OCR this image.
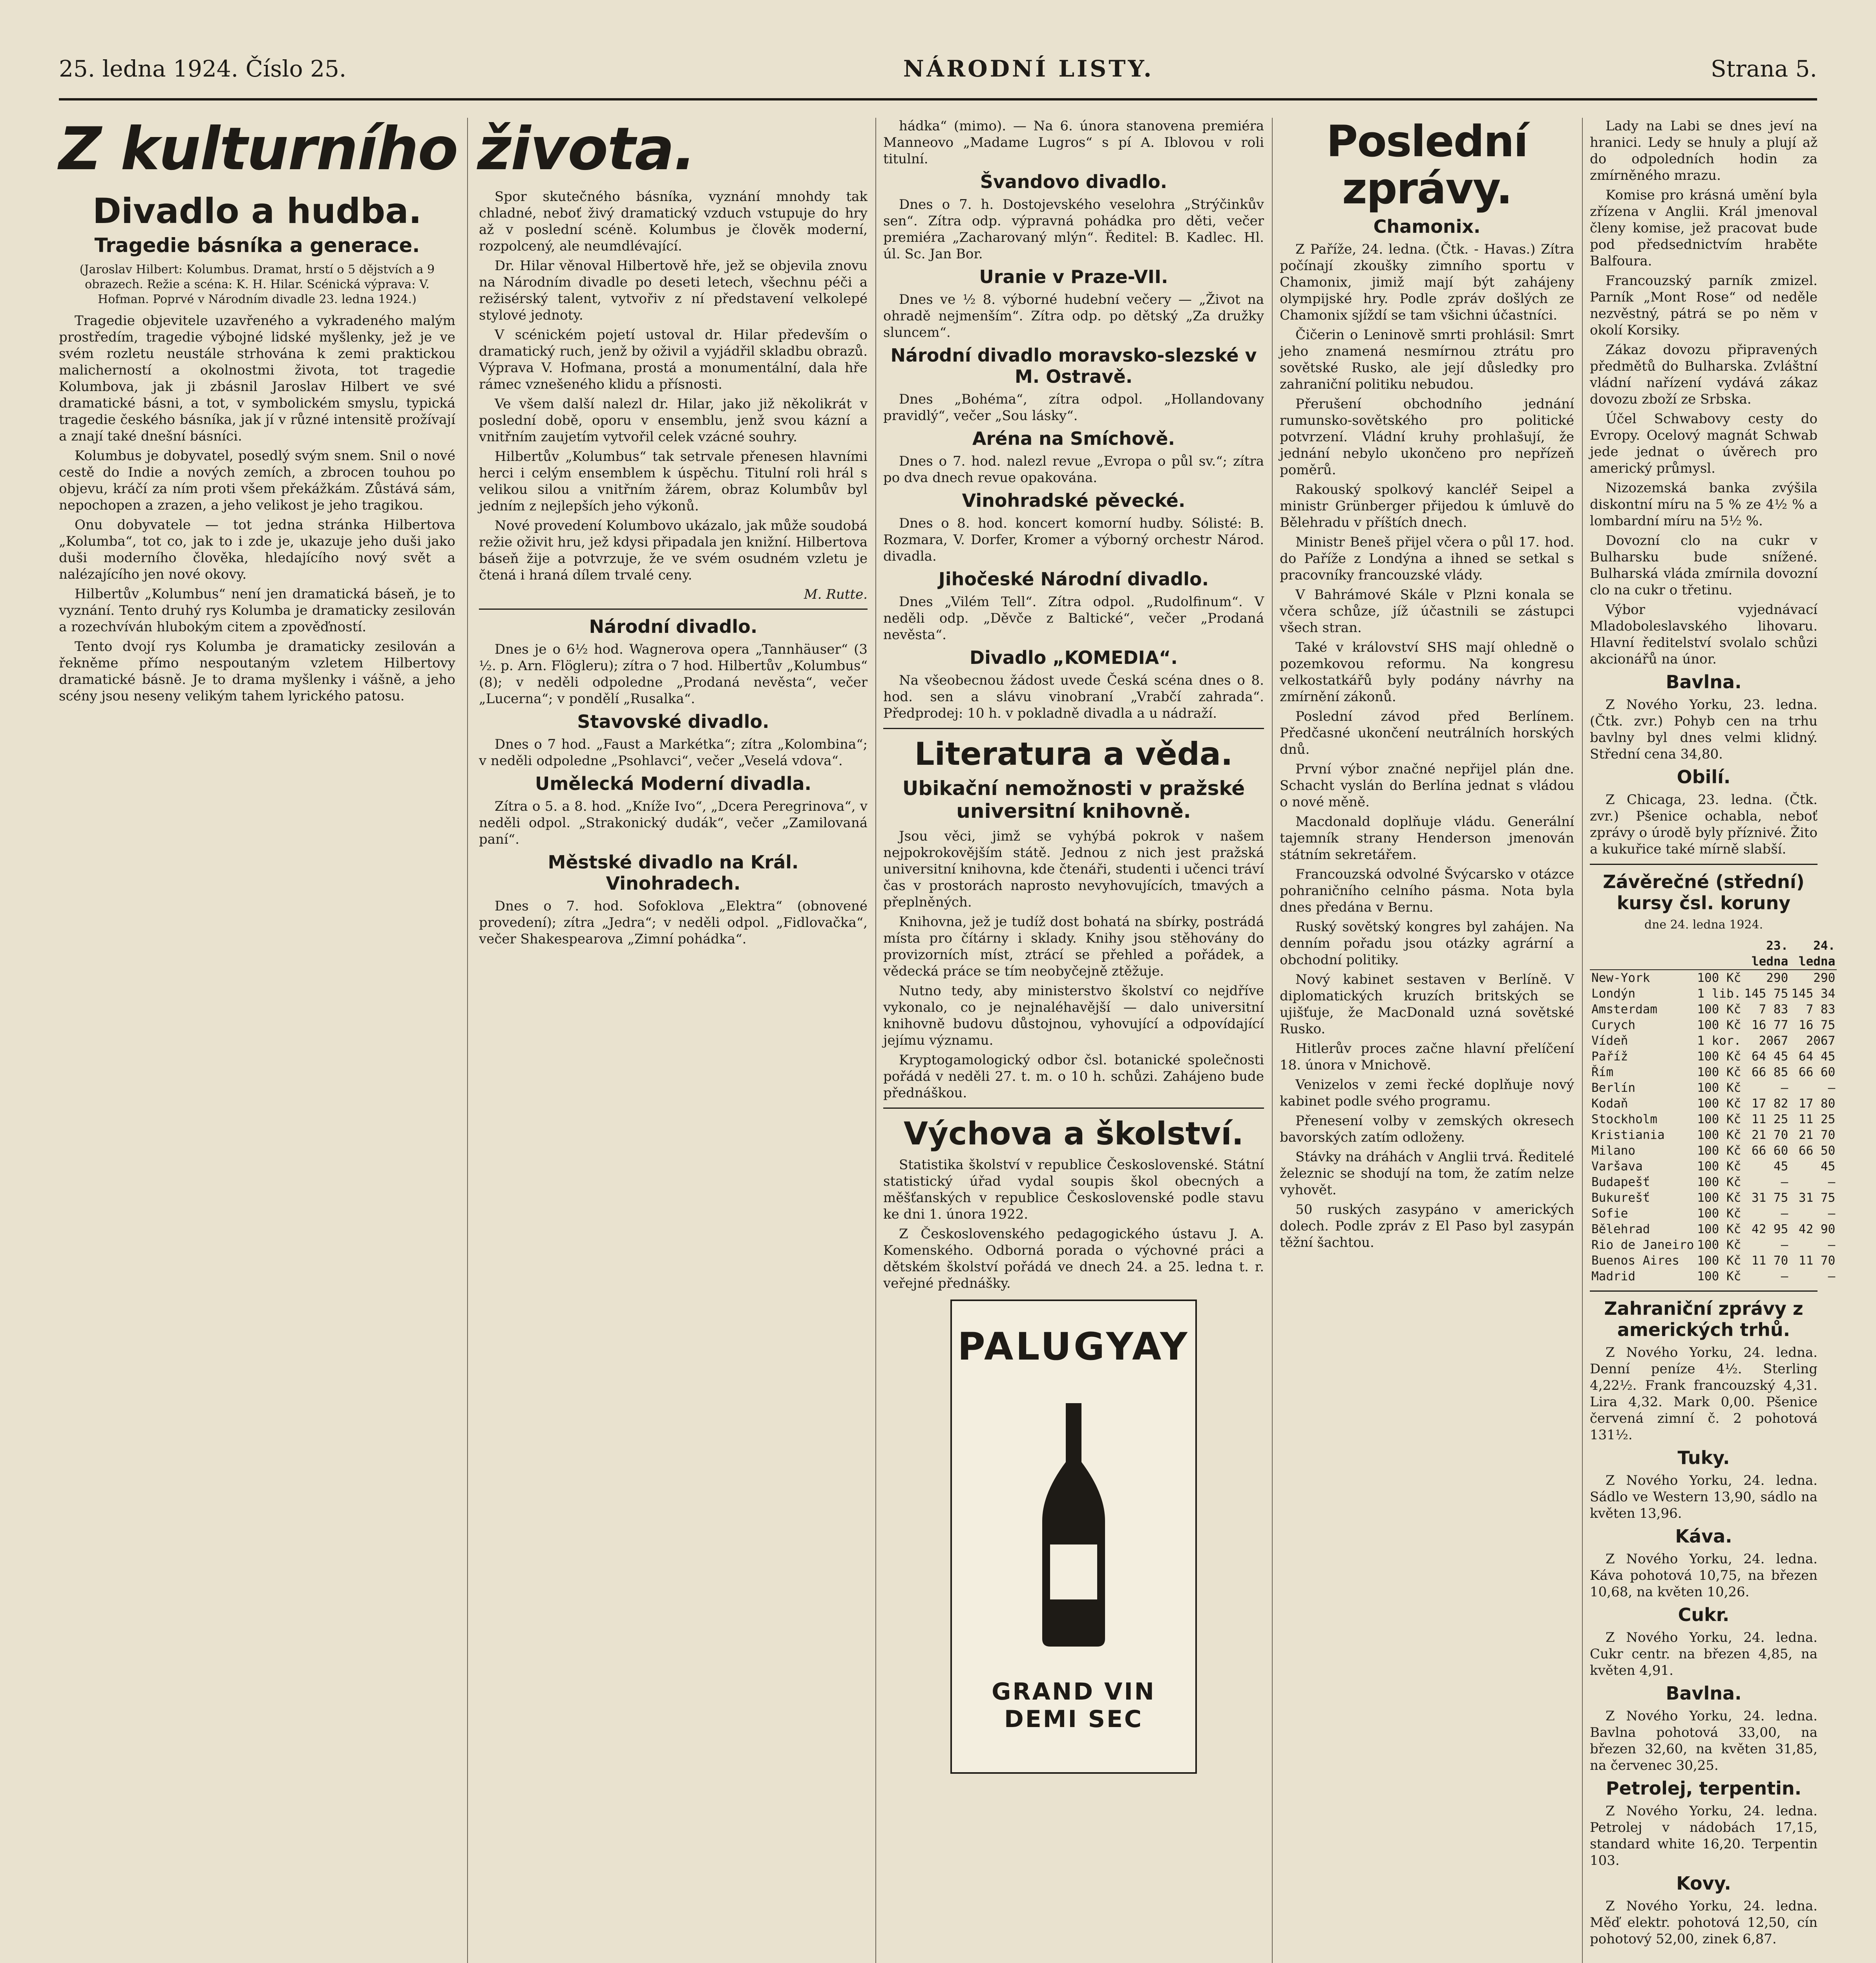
25. ledna 1924. Číslo 25.	NÁRODNÍ LISTY.	Strana 5.
Z kulturního života.
Divadlo a hudba.
Tragedie básníka a generace.
(Jaroslav Hilbert: Kolumbus. Dramat, hrstí o 5 dějstvích a 9 obrazech. Režie a scéna: K. H. Hilar. Scénická výprava: V. Hofman. Poprvé v Národním divadle 23. ledna 1924.)

Tragedie objevitele uzavřeného a vykradeného malým prostředím, tragedie výbojné lidské myšlenky, jež je ve svém rozletu neustále strhována k zemi praktickou malicherností a okolnostmi života, tot tragedie Kolumbova, jak ji zbásnil Jaroslav Hilbert ve své dramatické básni, a tot, v symbolickém smyslu, typická tragedie českého básníka, jak jí v různé intensitě prožívají a znají také dnešní básníci.

Kolumbus je dobyvatel, posedlý svým snem. Snil o nové cestě do Indie a nových zemích, a zbrocen touhou po objevu, kráčí za ním proti všem překážkám. Zůstává sám, nepochopen a zrazen, a jeho velikost je jeho tragikou.

Onu dobyvatele — tot jedna stránka Hilbertova „Kolumba“, tot co, jak to i zde je, ukazuje jeho duši jako duši moderního člověka, hledajícího nový svět a nalézajícího jen nové okovy.

Hilbertův „Kolumbus“ není jen dramatická báseň, je to vyznání. Tento druhý rys Kolumba je dramaticky zesilován a rozechvíván hlubokým citem a zpověďností.

Tento dvojí rys Kolumba je dramaticky zesilován a řekněme přímo nespoutaným vzletem Hilbertovy dramatické básně. Je to drama myšlenky i vášně, a jeho scény jsou neseny velikým tahem lyrického patosu.

Spor skutečného básníka, vyznání mnohdy tak chladné, neboť živý dramatický vzduch vstupuje do hry až v poslední scéně. Kolumbus je člověk moderní, rozpolcený, ale neumdlévající.

Dr. Hilar věnoval Hilbertově hře, jež se objevila znovu na Národním divadle po deseti letech, všechnu péči a režisérský talent, vytvořiv z ní představení velkolepé stylové jednoty.

V scénickém pojetí ustoval dr. Hilar především o dramatický ruch, jenž by oživil a vyjádřil skladbu obrazů. Výprava V. Hofmana, prostá a monumentální, dala hře rámec vznešeného klidu a přísnosti.

Ve všem další nalezl dr. Hilar, jako již několikrát v poslední době, oporu v ensemblu, jenž svou kázní a vnitřním zaujetím vytvořil celek vzácné souhry.

Hilbertův „Kolumbus“ tak setrvale přenesen hlavními herci i celým ensemblem k úspěchu. Titulní roli hrál s velikou silou a vnitřním žárem, obraz Kolumbův byl jedním z nejlepších jeho výkonů.

Nové provedení Kolumbovo ukázalo, jak může soudobá režie oživit hru, jež kdysi připadala jen knižní. Hilbertova báseň žije a potvrzuje, že ve svém osudném vzletu je čtená i hraná dílem trvalé ceny.

M. Rutte.
Národní divadlo.

Dnes je o 6½ hod. Wagnerova opera „Tannhäuser“ (3 ½. p. Arn. Flögleru); zítra o 7 hod. Hilbertův „Kolumbus“ (8); v neděli odpoledne „Prodaná nevěsta“, večer „Lucerna“; v pondělí „Rusalka“.

Stavovské divadlo.

Dnes o 7 hod. „Faust a Markétka“; zítra „Kolombina“; v neděli odpoledne „Psohlavci“, večer „Veselá vdova“.

Umělecká Moderní divadla.

Zítra o 5. a 8. hod. „Kníže Ivo“, „Dcera Peregrinova“, v neděli odpol. „Strakonický dudák“, večer „Zamilovaná paní“.

Městské divadlo na Král. Vinohradech.

Dnes o 7. hod. Sofoklova „Elektra“ (obnovené provedení); zítra „Jedra“; v neděli odpol. „Fidlovačka“, večer Shakespearova „Zimní pohádka“.

hádka“ (mimo). — Na 6. února stanovena premiéra Manneovo „Madame Lugros“ s pí A. Iblovou v roli titulní.

Švandovo divadlo.

Dnes o 7. h. Dostojevského veselohra „Strýčinkův sen“. Zítra odp. výpravná pohádka pro děti, večer premiéra „Zacharovaný mlýn“. Ředitel: B. Kadlec. Hl. úl. Sc. Jan Bor.

Uranie v Praze-VII.

Dnes ve ½ 8. výborné hudební večery — „Život na ohradě nejmenším“. Zítra odp. po dětský „Za družky sluncem“.

Národní divadlo moravsko-slezské v M. Ostravě.

Dnes „Bohéma“, zítra odpol. „Hollandovany pravidlý“, večer „Sou lásky“.

Aréna na Smíchově.

Dnes o 7. hod. nalezl revue „Evropa o půl sv.“; zítra po dva dnech revue opakována.

Vinohradské pěvecké.

Dnes o 8. hod. koncert komorní hudby. Sólisté: B. Rozmara, V. Dorfer, Kromer a výborný orchestr Národ. divadla.

Jihočeské Národní divadlo.

Dnes „Vilém Tell“. Zítra odpol. „Rudolfinum“. V neděli odp. „Děvče z Baltické“, večer „Prodaná nevěsta“.

Divadlo „KOMEDIA“.

Na všeobecnou žádost uvede Česká scéna dnes o 8. hod. sen a slávu vinobraní „Vrabčí zahrada“. Předprodej: 10 h. v pokladně divadla a u nádraží.

Literatura a věda.
Ubikační nemožnosti v pražské universitní knihovně.

Jsou věci, jimž se vyhýbá pokrok v našem nejpokrokovějším státě. Jednou z nich jest pražská universitní knihovna, kde čtenáři, studenti i učenci tráví čas v prostorách naprosto nevyhovujících, tmavých a přeplněných.

Knihovna, jež je tudíž dost bohatá na sbírky, postrádá místa pro čítárny i sklady. Knihy jsou stěhovány do provizorních míst, ztrácí se přehled a pořádek, a vědecká práce se tím neobyčejně ztěžuje.

Nutno tedy, aby ministerstvo školství co nejdříve vykonalo, co je nejnaléhavější — dalo universitní knihovně budovu důstojnou, vyhovující a odpovídající jejímu významu.

Kryptogamologický odbor čsl. botanické společnosti pořádá v neděli 27. t. m. o 10 h. schůzi. Zahájeno bude přednáškou.

Výchova a školství.

Statistika školství v republice Československé. Státní statistický úřad vydal soupis škol obecných a měšťanských v republice Československé podle stavu ke dni 1. února 1922.

Z Československého pedagogického ústavu J. A. Komenského. Odborná porada o výchovné práci a dětském školství pořádá ve dnech 24. a 25. ledna t. r. veřejné přednášky.

PALUGYAY
GRAND VIN DEMI SEC
Poslední zprávy.
Chamonix.

Z Paříže, 24. ledna. (Čtk. - Havas.) Zítra počínají zkoušky zimního sportu v Chamonix, jimiž mají být zahájeny olympijské hry. Podle zpráv došlých ze Chamonix sjíždí se tam všichni účastníci.

Čičerin o Leninově smrti prohlásil: Smrt jeho znamená nesmírnou ztrátu pro sovětské Rusko, ale její důsledky pro zahraniční politiku nebudou.

Přerušení obchodního jednání rumunsko-sovětského pro politické potvrzení. Vládní kruhy prohlašují, že jednání nebylo ukončeno pro nepřízeň poměrů.

Rakouský spolkový kancléř Seipel a ministr Grünberger přijedou k úmluvě do Bělehradu v příštích dnech.

Ministr Beneš přijel včera o půl 17. hod. do Paříže z Londýna a ihned se setkal s pracovníky francouzské vlády.

V Bahrámové Skále v Plzni konala se včera schůze, jíž účastnili se zástupci všech stran.

Také v království SHS mají ohledně o pozemkovou reformu. Na kongresu velkostatkářů byly podány návrhy na zmírnění zákonů.

Poslední závod před Berlínem. Předčasné ukončení neutrálních horských dnů.

První výbor značné nepřijel plán dne. Schacht vyslán do Berlína jednat s vládou o nové měně.

Macdonald doplňuje vládu. Generální tajemník strany Henderson jmenován státním sekretářem.

Francouzská odvolné Švýcarsko v otázce pohraničního celního pásma. Nota byla dnes předána v Bernu.

Ruský sovětský kongres byl zahájen. Na denním pořadu jsou otázky agrární a obchodní politiky.

Nový kabinet sestaven v Berlíně. V diplomatických kruzích britských se ujišťuje, že MacDonald uzná sovětské Rusko.

Hitlerův proces začne hlavní přelíčení 18. února v Mnichově.

Venizelos v zemi řecké doplňuje nový kabinet podle svého programu.

Přenesení volby v zemských okresech bavorských zatím odloženy.

Stávky na dráhách v Anglii trvá. Ředitelé železnic se shodují na tom, že zatím nelze vyhovět.

50 ruských zasypáno v amerických dolech. Podle zpráv z El Paso byl zasypán těžní šachtou.

Lady na Labi se dnes jeví na hranici. Ledy se hnuly a plují až do odpoledních hodin za zmírněného mrazu.

Komise pro krásná umění byla zřízena v Anglii. Král jmenoval členy komise, jež pracovat bude pod předsednictvím hraběte Balfoura.

Francouzský parník zmizel. Parník „Mont Rose“ od neděle nezvěstný, pátrá se po něm v okolí Korsiky.

Zákaz dovozu připravených předmětů do Bulharska. Zvláštní vládní nařízení vydává zákaz dovozu zboží ze Srbska.

Účel Schwabovy cesty do Evropy. Ocelový magnát Schwab jede jednat o úvěrech pro americký průmysl.

Nizozemská banka zvýšila diskontní míru na 5 % ze 4½ % a lombardní míru na 5½ %.

Dovozní clo na cukr v Bulharsku bude snížené. Bulharská vláda zmírnila dovozní clo na cukr o třetinu.

Výbor vyjednávací Mladoboleslavského lihovaru. Hlavní ředitelství svolalo schůzi akcionářů na únor.

Bavlna.

Z Nového Yorku, 23. ledna. (Čtk. zvr.) Pohyb cen na trhu bavlny byl dnes velmi klidný. Střední cena 34,80.

Obilí.

Z Chicaga, 23. ledna. (Čtk. zvr.) Pšenice ochabla, neboť zprávy o úrodě byly příznivé. Žito a kukuřice také mírně slabší.

Závěrečné (střední) kursy čsl. koruny
dne 24. ledna 1924.
		23. ledna	24. ledna
New-York	100 Kč	290	290
Londýn	1 lib.	145 75	145 34
Amsterdam	100 Kč	7 83	7 83
Curych	100 Kč	16 77	16 75
Vídeň	1 kor.	2067	2067
Paříž	100 Kč	64 45	64 45
Řím	100 Kč	66 85	66 60
Berlín	100 Kč	—	—
Kodaň	100 Kč	17 82	17 80
Stockholm	100 Kč	11 25	11 25
Kristiania	100 Kč	21 70	21 70
Milano	100 Kč	66 60	66 50
Varšava	100 Kč	45	45
Budapešť	100 Kč	—	—
Bukurešť	100 Kč	31 75	31 75
Sofie	100 Kč	—	—
Bělehrad	100 Kč	42 95	42 90
Rio de Janeiro	100 Kč	—	—
Buenos Aires	100 Kč	11 70	11 70
Madrid	100 Kč	—	—
Zahraniční zprávy z amerických trhů.

Z Nového Yorku, 24. ledna. Denní peníze 4½. Sterling 4,22½. Frank francouzský 4,31. Lira 4,32. Mark 0,00. Pšenice červená zimní č. 2 pohotová 131½.

Tuky.

Z Nového Yorku, 24. ledna. Sádlo ve Western 13,90, sádlo na květen 13,96.

Káva.

Z Nového Yorku, 24. ledna. Káva pohotová 10,75, na březen 10,68, na květen 10,26.

Cukr.

Z Nového Yorku, 24. ledna. Cukr centr. na březen 4,85, na květen 4,91.

Bavlna.

Z Nového Yorku, 24. ledna. Bavlna pohotová 33,00, na březen 32,60, na květen 31,85, na červenec 30,25.

Petrolej, terpentin.

Z Nového Yorku, 24. ledna. Petrolej v nádobách 17,15, standard white 16,20. Terpentin 103.

Kovy.

Z Nového Yorku, 24. ledna. Měď elektr. pohotová 12,50, cín pohotový 52,00, zinek 6,87.
